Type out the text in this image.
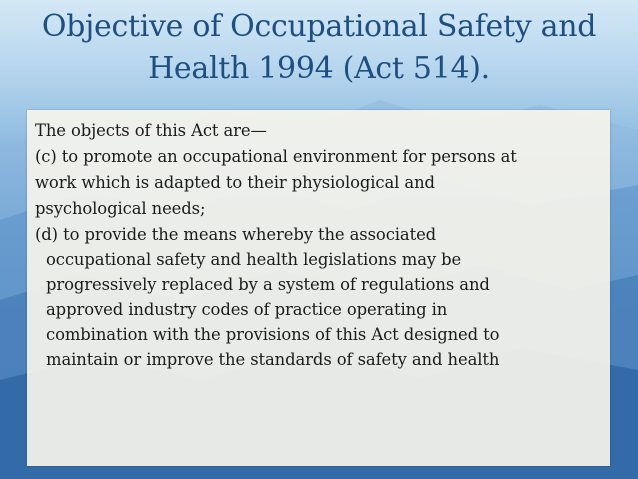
Objective of Occupational Safety and
Health 1994 (Act 514).
The objects of this Act are—
(c) to promote an occupational environment for persons at
work which is adapted to their physiological and
psychological needs;
(d) to provide the means whereby the associated
occupational safety and health legislations may be
progressively replaced by a system of regulations and
approved industry codes of practice operating in
combination with the provisions of this Act designed to
maintain or improve the standards of safety and health
